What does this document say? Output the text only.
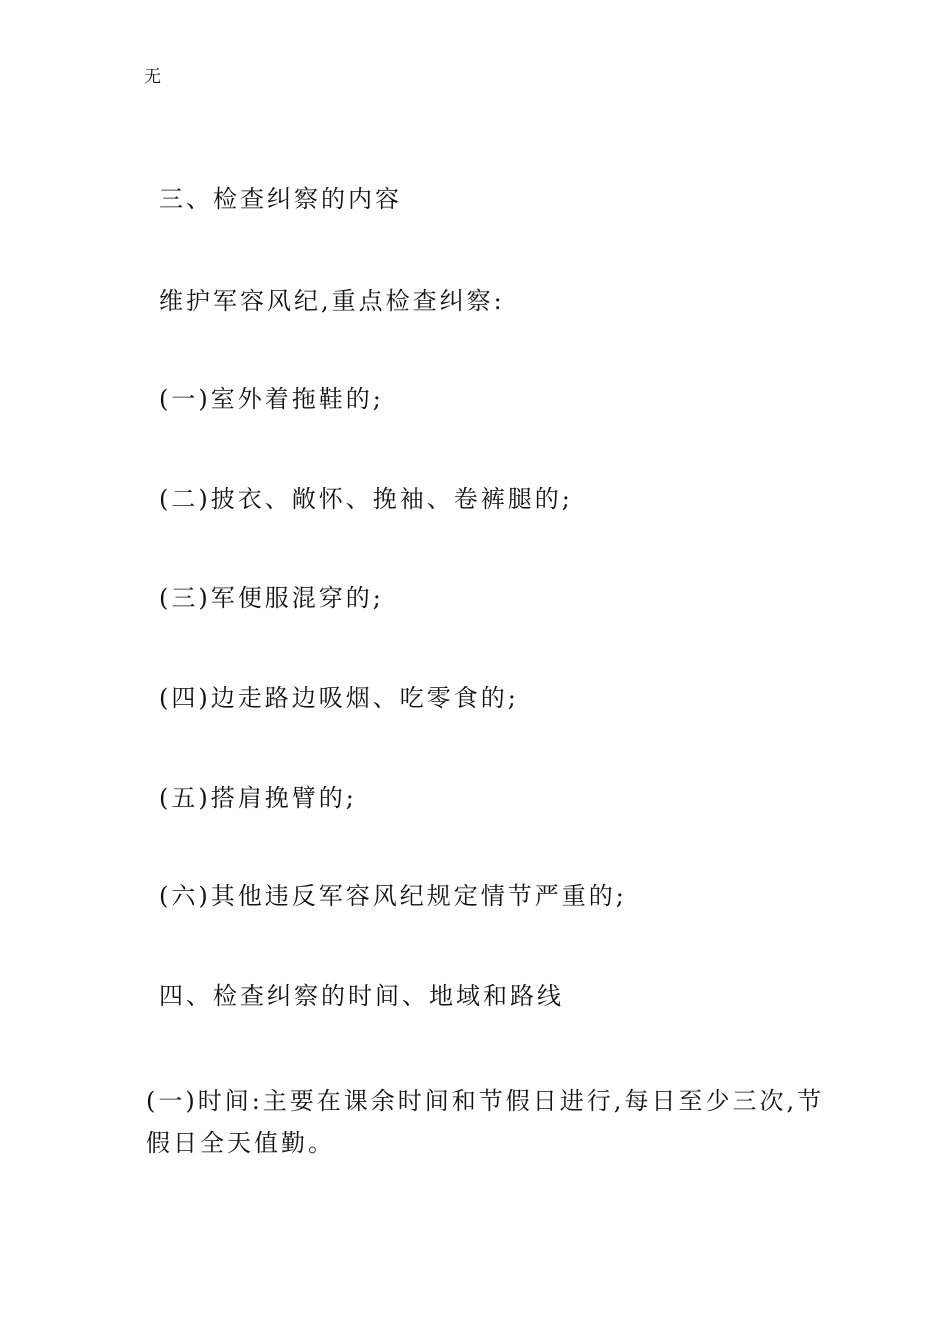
无
三、检查纠察的内容
维护军容风纪,重点检查纠察:
(一)室外着拖鞋的;
(二)披衣、敞怀、挽袖、卷裤腿的;
(三)军便服混穿的;
(四)边走路边吸烟、吃零食的;
(五)搭肩挽臂的;
(六)其他违反军容风纪规定情节严重的;
四、检查纠察的时间、地域和路线
(一)时间:主要在课余时间和节假日进行,每日至少三次,节假日全天值勤。
